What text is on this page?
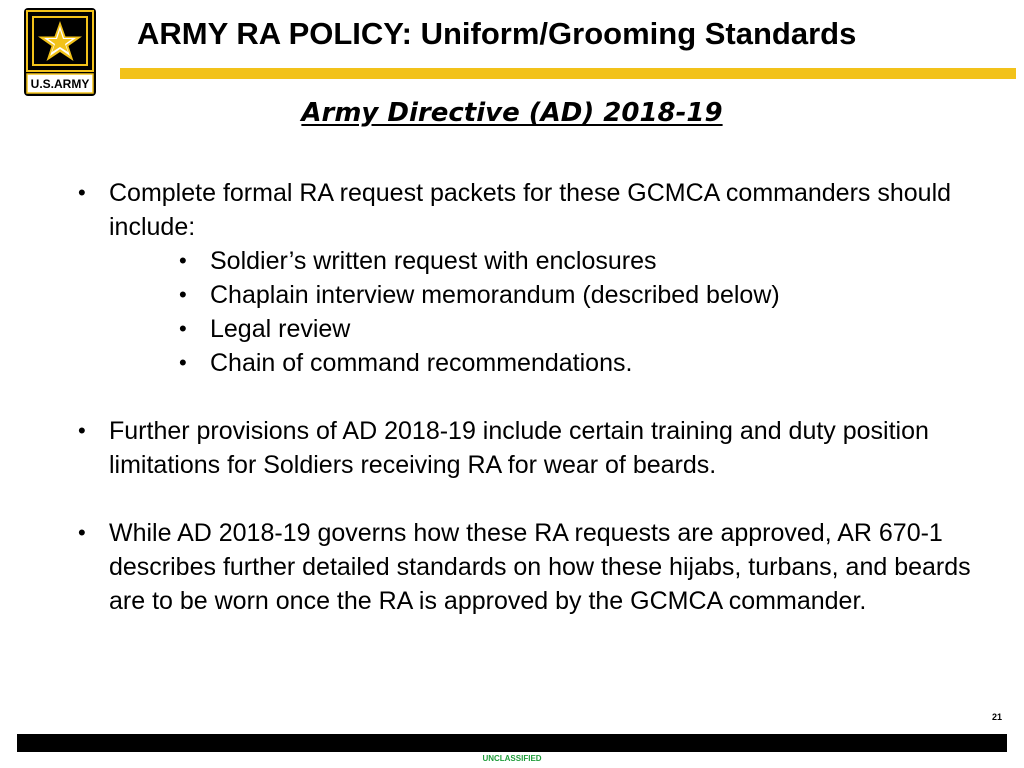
U.S.ARMY
ARMY RA POLICY: Uniform/Grooming Standards
Army Directive (AD) 2018-19
• Complete formal RA request packets for these GCMCA commanders should include:
• Soldier’s written request with enclosures
• Chaplain interview memorandum (described below)
• Legal review
• Chain of command recommendations.
• Further provisions of AD 2018-19 include certain training and duty position limitations for Soldiers receiving RA for wear of beards.
• While AD 2018-19 governs how these RA requests are approved, AR 670-1 describes further detailed standards on how these hijabs, turbans, and beards are to be worn once the RA is approved by the GCMCA commander.
21
UNCLASSIFIED
